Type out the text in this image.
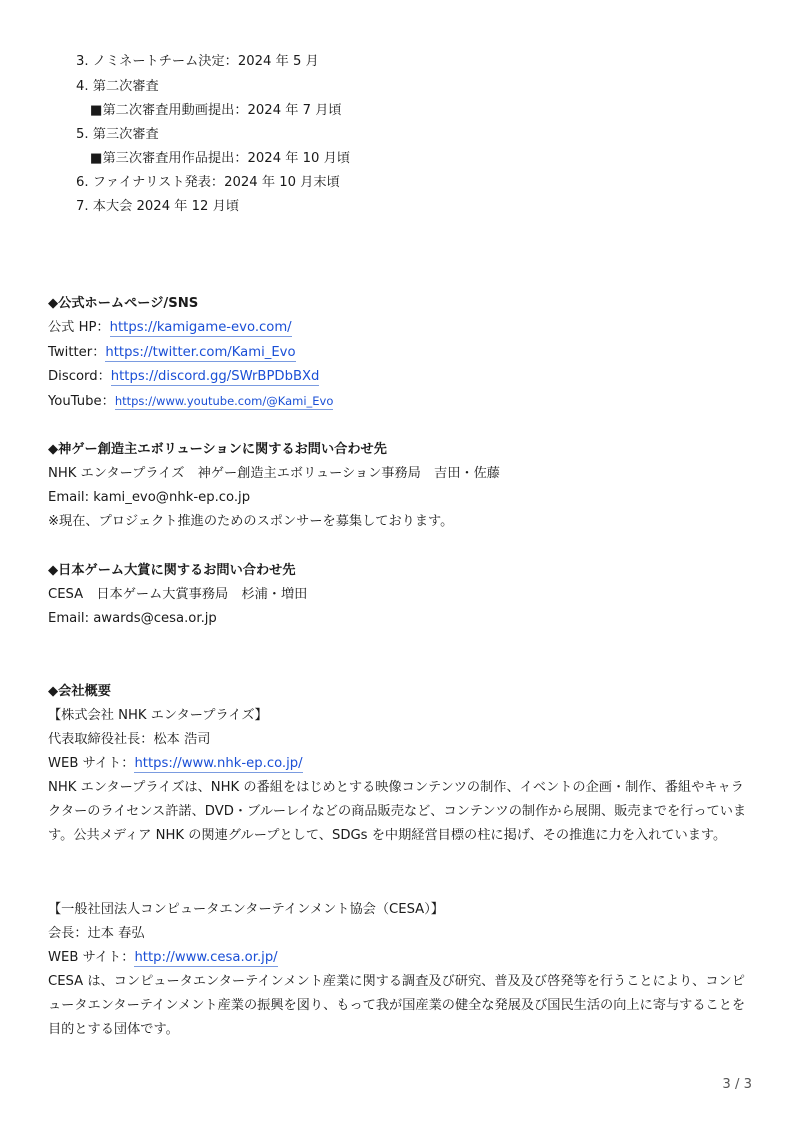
3. ノミネートチーム決定：2024 年 5 月
4. 第二次審査
■第二次審査用動画提出：2024 年 7 月頃
5. 第三次審査
■第三次審査用作品提出：2024 年 10 月頃
6. ファイナリスト発表：2024 年 10 月末頃
7. 本大会 2024 年 12 月頃
◆公式ホームページ/SNS
公式 HP：https://kamigame-evo.com/
Twitter：https://twitter.com/Kami_Evo
Discord：https://discord.gg/SWrBPDbBXd
YouTube：https://www.youtube.com/@Kami_Evo
◆神ゲー創造主エボリューションに関するお問い合わせ先
NHK エンタープライズ　神ゲー創造主エボリューション事務局　吉田・佐藤
Email: kami_evo@nhk-ep.co.jp
※現在、プロジェクト推進のためのスポンサーを募集しております。
◆日本ゲーム大賞に関するお問い合わせ先
CESA　日本ゲーム大賞事務局　杉浦・増田
Email: awards@cesa.or.jp
◆会社概要
【株式会社 NHK エンタープライズ】
代表取締役社長：松本 浩司
WEB サイト：https://www.nhk-ep.co.jp/
NHK エンタープライズは、NHK の番組をはじめとする映像コンテンツの制作、イベントの企画・制作、番組やキャラクターのライセンス許諾、DVD・ブルーレイなどの商品販売など、コンテンツの制作から展開、販売までを行っています。公共メディア NHK の関連グループとして、SDGs を中期経営目標の柱に掲げ、その推進に力を入れています。
【一般社団法人コンピュータエンターテインメント協会（CESA）】
会長：辻本 春弘
WEB サイト：http://www.cesa.or.jp/
CESA は、コンピュータエンターテインメント産業に関する調査及び研究、普及及び啓発等を行うことにより、コンピュータエンターテインメント産業の振興を図り、もって我が国産業の健全な発展及び国民生活の向上に寄与することを目的とする団体です。
3 / 3
